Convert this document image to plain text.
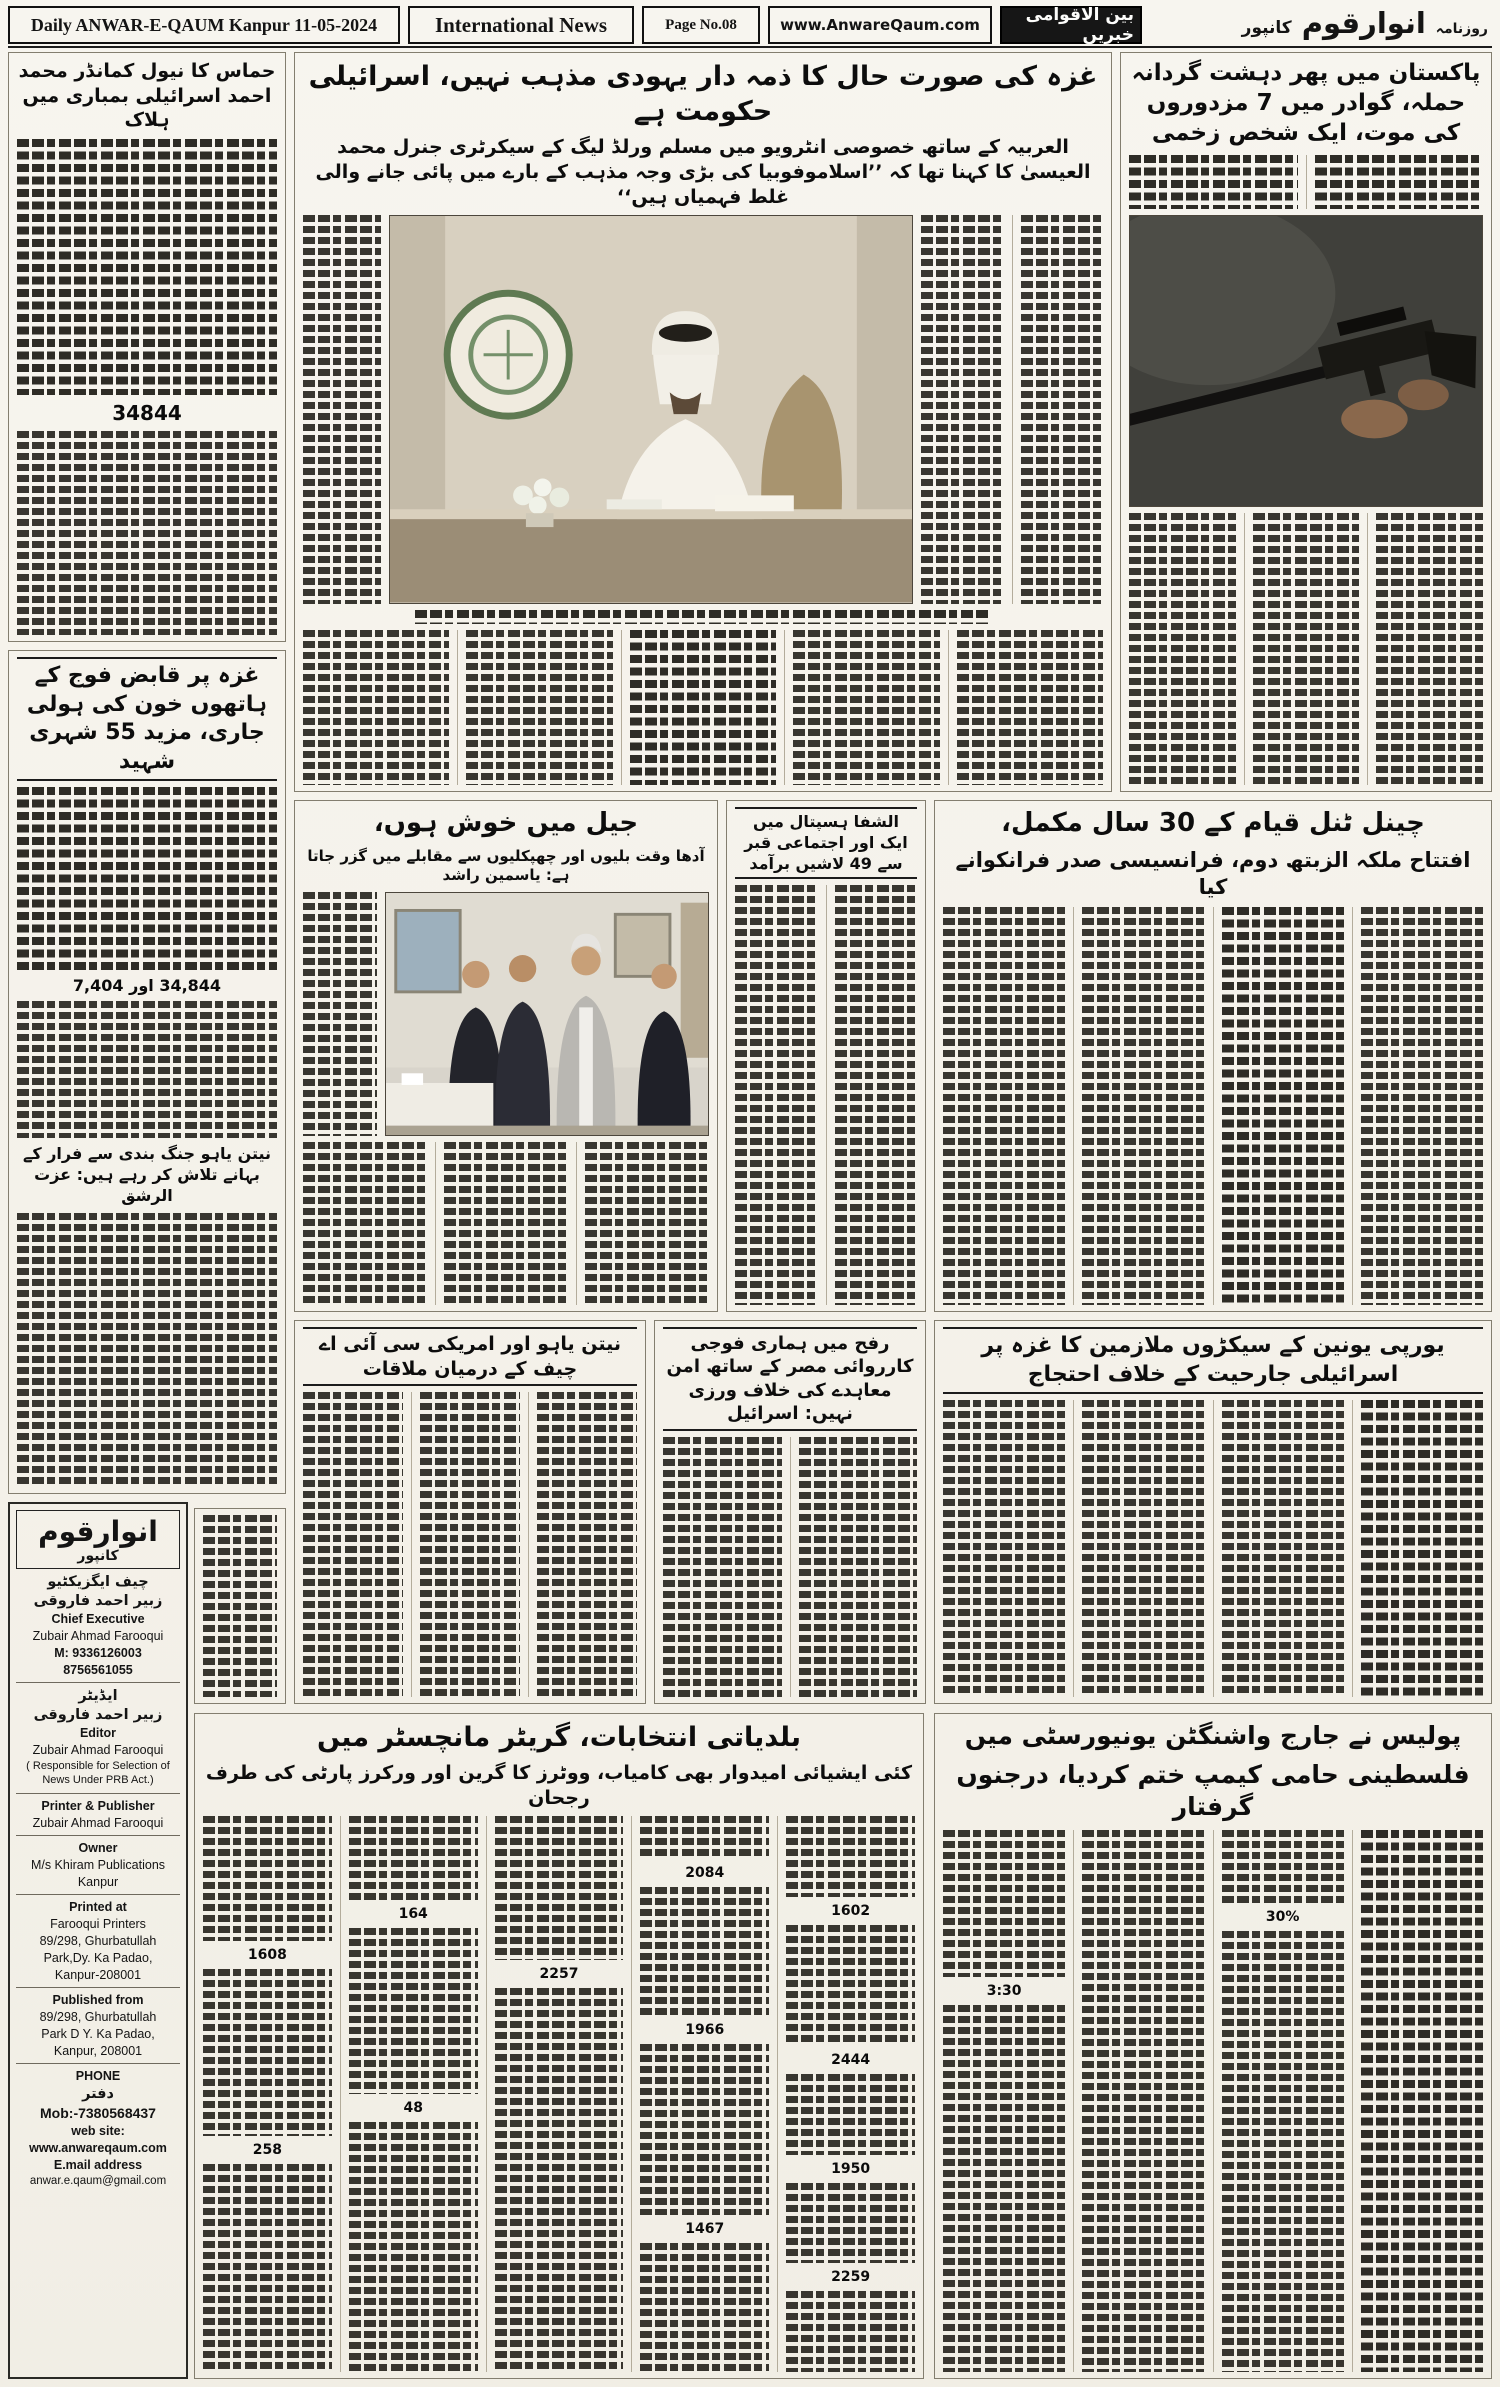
Daily ANWAR-E-QAUM Kanpur 11-05-2024	International News	Page No.08	www.AnwareQaum.com	بین الاقوامی خبریں	روزنامہ
انوارقوم
کانپور
حماس کا نیول کمانڈر محمد احمد اسرائیلی بمباری میں ہلاک
34844
غزہ پر قابض فوج کے ہاتھوں خون کی ہولی جاری، مزید 55 شہری شہید
34,844 اور 7,404
نیتن یاہو جنگ بندی سے فرار کے بہانے تلاش کر رہے ہیں: عزت الرشق
غزہ کی صورت حال کا ذمہ دار یہودی مذہب نہیں، اسرائیلی حکومت ہے
العربیہ کے ساتھ خصوصی انٹرویو میں مسلم ورلڈ لیگ کے سیکرٹری جنرل محمد العیسیٰ کا کہنا تھا کہ ’’اسلاموفوبیا کی بڑی وجہ مذہب کے بارے میں پائی جانے والی غلط فہمیاں ہیں‘‘
پاکستان میں پھر دہشت گردانہ حملہ، گوادر میں 7 مزدوروں کی موت، ایک شخص زخمی
جیل میں خوش ہوں،
آدھا وقت بلیوں اور چھپکلیوں سے مقابلے میں گزر جاتا ہے: یاسمین راشد
الشفا ہسپتال میں ایک اور اجتماعی قبر سے 49 لاشیں برآمد
چینل ٹنل قیام کے 30 سال مکمل،
افتتاح ملکہ الزبتھ دوم، فرانسیسی صدر فرانکوانے کیا
نیتن یاہو اور امریکی سی آئی اے چیف کے درمیان ملاقات
رفح میں ہماری فوجی کارروائی مصر کے ساتھ امن معاہدے کی خلاف ورزی نہیں: اسرائیل
یورپی یونین کے سیکڑوں ملازمین کا غزہ پر اسرائیلی جارحیت کے خلاف احتجاج
انوارقوم
کانپور
چیف ایگزیکٹیو
زبیر احمد فاروقی
Chief Executive
Zubair Ahmad Farooqui
M: 9336126003
8756561055
ایڈیٹر
زبیر احمد فاروقی
Editor
Zubair Ahmad Farooqui
( Responsible for Selection of News Under PRB Act.)
Printer & Publisher
Zubair Ahmad Farooqui
Owner
M/s Khiram Publications
Kanpur
Printed at
Farooqui Printers
89/298, Ghurbatullah
Park,Dy. Ka Padao,
Kanpur-208001
Published from
89/298, Ghurbatullah
Park D Y. Ka Padao,
Kanpur, 208001
PHONE
دفتر
Mob:-7380568437
web site:
www.anwareqaum.com
E.mail address
anwar.e.qaum@gmail.com
بلدیاتی انتخابات، گریٹر مانچسٹر میں
کئی ایشیائی امیدوار بھی کامیاب، ووٹرز کا گرین اور ورکرز پارٹی کی طرف رجحان
1608
258
164
48
2257
2084
1966
1467
1602
2444
1950
2259
پولیس نے جارج واشنگٹن یونیورسٹی میں
فلسطینی حامی کیمپ ختم کردیا، درجنوں گرفتار
3:30
30%
